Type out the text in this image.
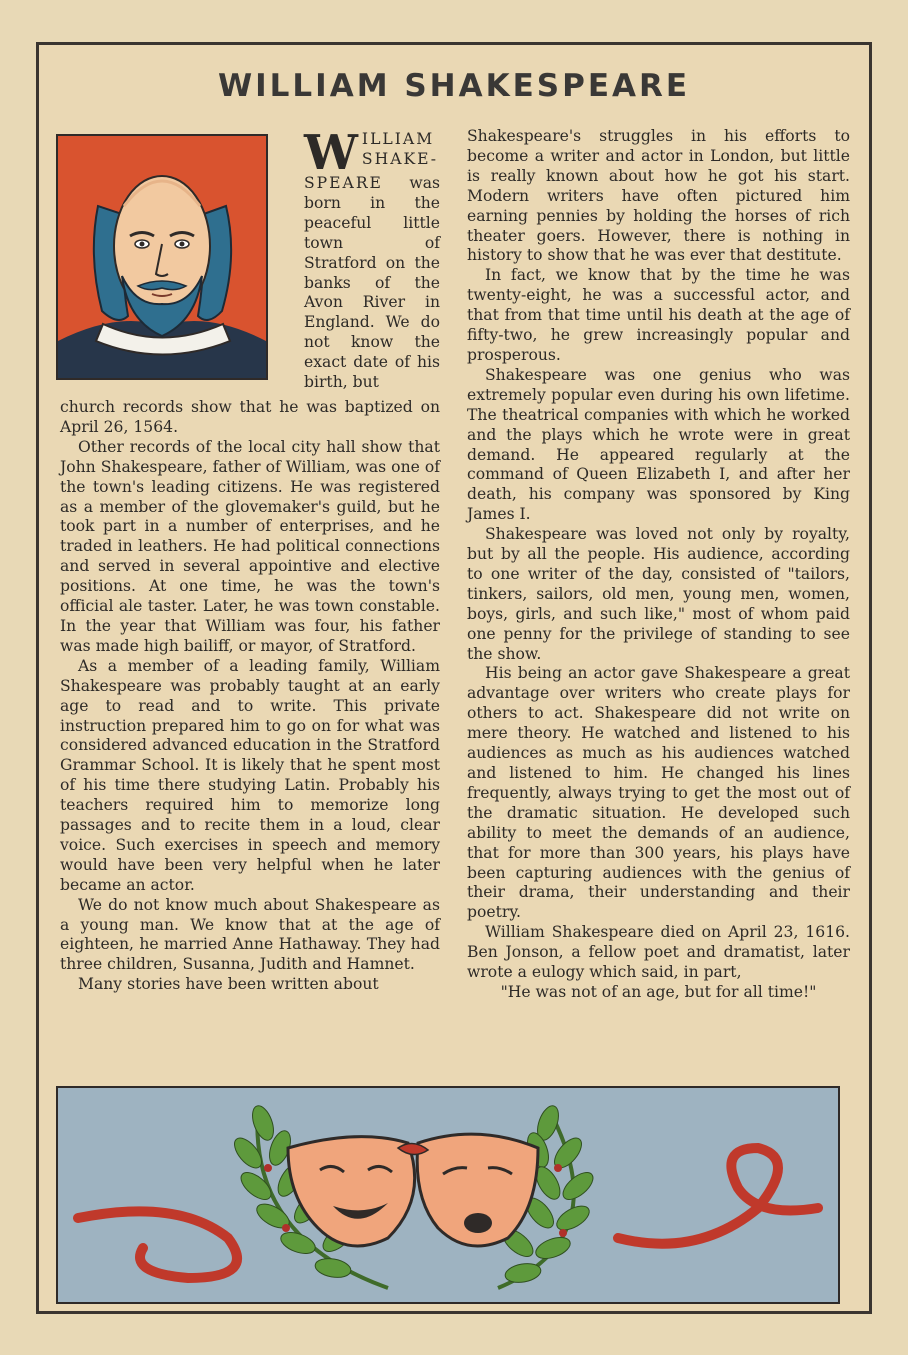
WILLIAM SHAKESPEARE
WILLIAM SHAKE-SPEARE was born in the peaceful little town of Stratford on the banks of the Avon River in England. We do not know the exact date of his birth, but

church records show that he was baptized on April 26, 1564.

Other records of the local city hall show that John Shakespeare, father of William, was one of the town's leading citizens. He was registered as a member of the glovemaker's guild, but he took part in a number of enterprises, and he traded in leathers. He had political connections and served in several appointive and elective positions. At one time, he was the town's official ale taster. Later, he was town constable. In the year that William was four, his father was made high bailiff, or mayor, of Stratford.

As a member of a leading family, William Shakespeare was probably taught at an early age to read and to write. This private instruction prepared him to go on for what was considered advanced education in the Stratford Grammar School. It is likely that he spent most of his time there studying Latin. Probably his teachers required him to memorize long passages and to recite them in a loud, clear voice. Such exercises in speech and memory would have been very helpful when he later became an actor.

We do not know much about Shakespeare as a young man. We know that at the age of eighteen, he married Anne Hathaway. They had three children, Susanna, Judith and Hamnet.

Many stories have been written about

Shakespeare's struggles in his efforts to become a writer and actor in London, but little is really known about how he got his start. Modern writers have often pictured him earning pennies by holding the horses of rich theater goers. However, there is nothing in history to show that he was ever that destitute.

In fact, we know that by the time he was twenty-eight, he was a successful actor, and that from that time until his death at the age of fifty-two, he grew increasingly popular and prosperous.

Shakespeare was one genius who was extremely popular even during his own lifetime. The theatrical companies with which he worked and the plays which he wrote were in great demand. He appeared regularly at the command of Queen Elizabeth I, and after her death, his company was sponsored by King James I.

Shakespeare was loved not only by royalty, but by all the people. His audience, according to one writer of the day, consisted of "tailors, tinkers, sailors, old men, young men, women, boys, girls, and such like," most of whom paid one penny for the privilege of standing to see the show.

His being an actor gave Shakespeare a great advantage over writers who create plays for others to act. Shakespeare did not write on mere theory. He watched and listened to his audiences as much as his audiences watched and listened to him. He changed his lines frequently, always trying to get the most out of the dramatic situation. He developed such ability to meet the demands of an audience, that for more than 300 years, his plays have been capturing audiences with the genius of their drama, their understanding and their poetry.

William Shakespeare died on April 23, 1616. Ben Jonson, a fellow poet and dramatist, later wrote a eulogy which said, in part,

"He was not of an age, but for all time!"
